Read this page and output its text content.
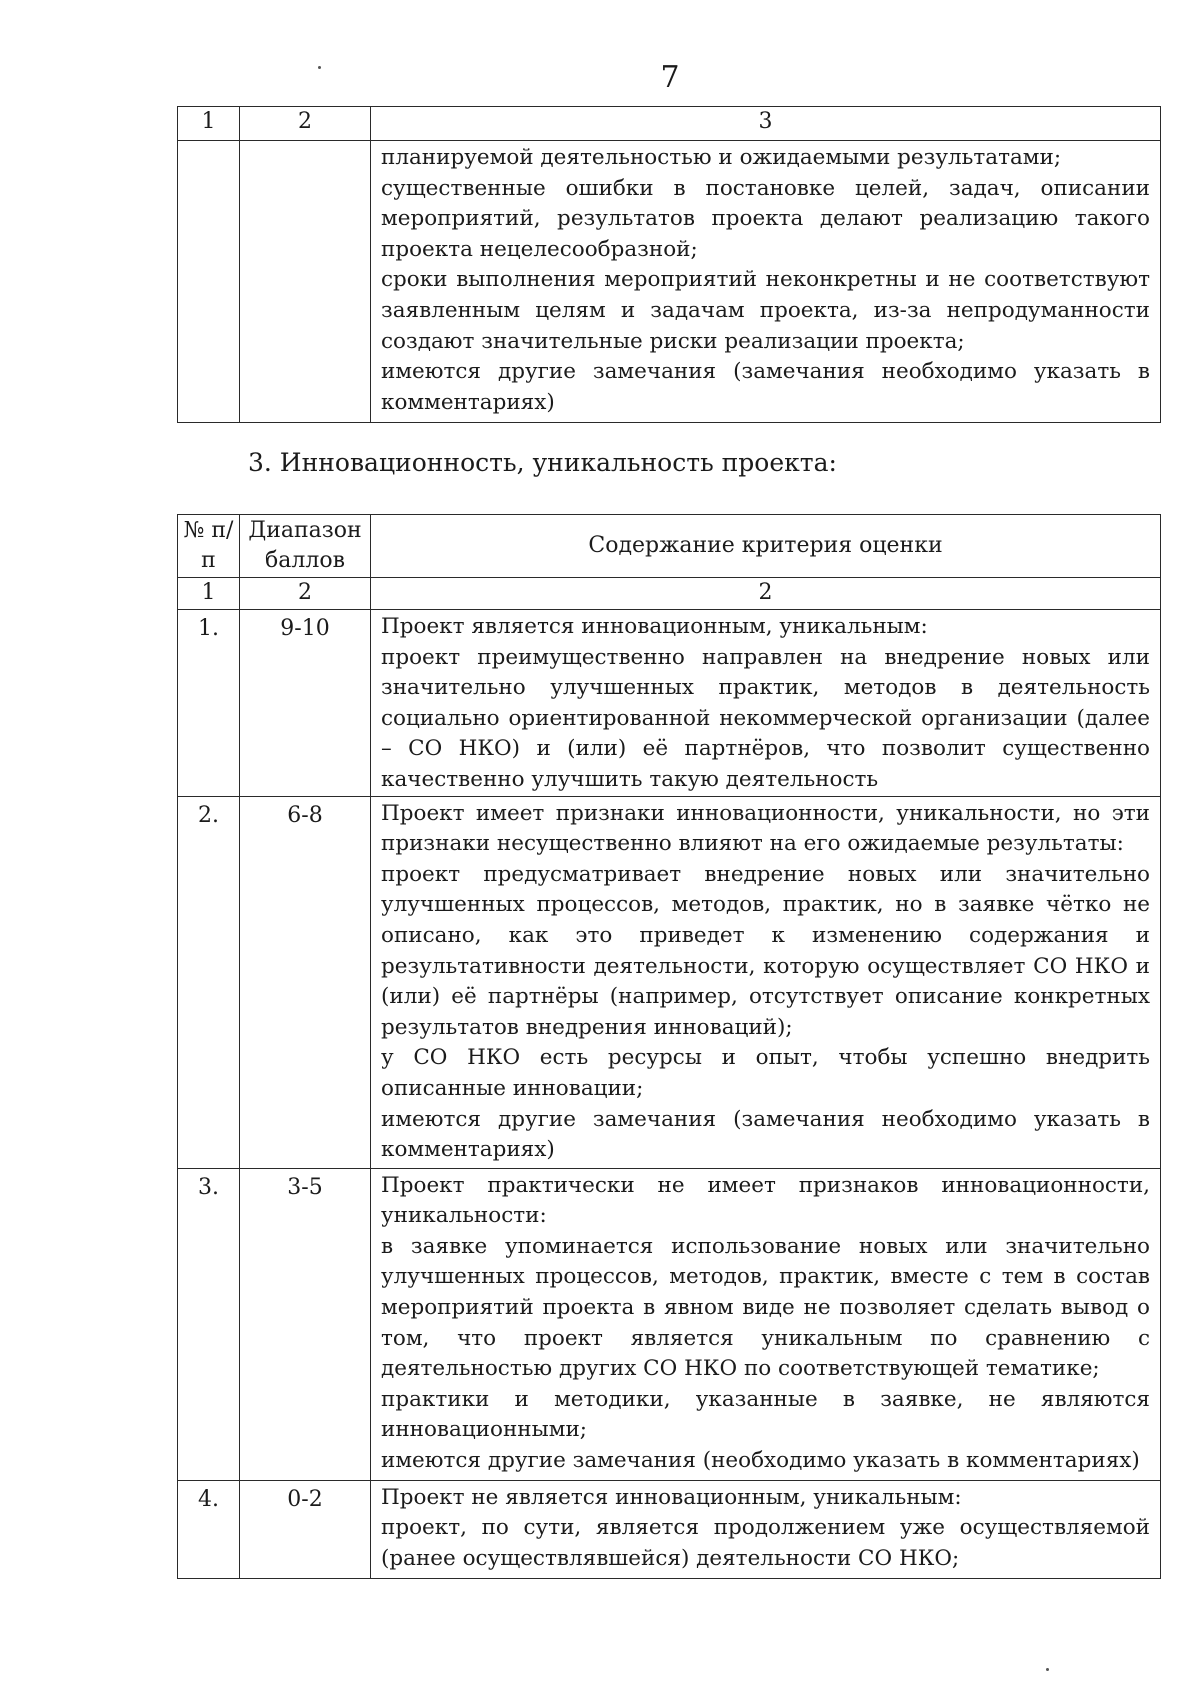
7
1	2	3

		планируемой деятельностью и ожидаемыми результатами;
существенные ошибки в постановке целей, задач, описании мероприятий, результатов проекта делают реализацию такого проекта нецелесообразной;
сроки выполнения мероприятий неконкретны и не соответствуют заявленным целям и задачам проекта, из-за непродуманности создают значительные риски реализации проекта;
имеются другие замечания (замечания необходимо указать в комментариях)
3. Инновационность, уникальность проекта:
№ п/п	Диапазон баллов	Содержание критерия оценки
1	2	2
1.	9-10	Проект является инновационным, уникальным:
проект преимущественно направлен на внедрение новых или значительно улучшенных практик, методов в деятельность социально ориентированной некоммерческой организации (далее – СО НКО) и (или) её партнёров, что позволит существенно качественно улучшить такую деятельность

2.	6-8	Проект имеет признаки инновационности, уникальности, но эти признаки несущественно влияют на его ожидаемые результаты:
проект предусматривает внедрение новых или значительно улучшенных процессов, методов, практик, но в заявке чётко не описано, как это приведет к изменению содержания и результативности деятельности, которую осуществляет СО НКО и (или) её партнёры (например, отсутствует описание конкретных результатов внедрения инноваций);
у СО НКО есть ресурсы и опыт, чтобы успешно внедрить описанные инновации;
имеются другие замечания (замечания необходимо указать в комментариях)

3.	3-5	Проект практически не имеет признаков инновационности, уникальности:
в заявке упоминается использование новых или значительно улучшенных процессов, методов, практик, вместе с тем в состав мероприятий проекта в явном виде не позволяет сделать вывод о том, что проект является уникальным по сравнению с деятельностью других СО НКО по соответствующей тематике;
практики и методики, указанные в заявке, не являются инновационными;
имеются другие замечания (необходимо указать в комментариях)

4.	0-2	Проект не является инновационным, уникальным:
проект, по сути, является продолжением уже осуществляемой (ранее осуществлявшейся) деятельности СО НКО;
